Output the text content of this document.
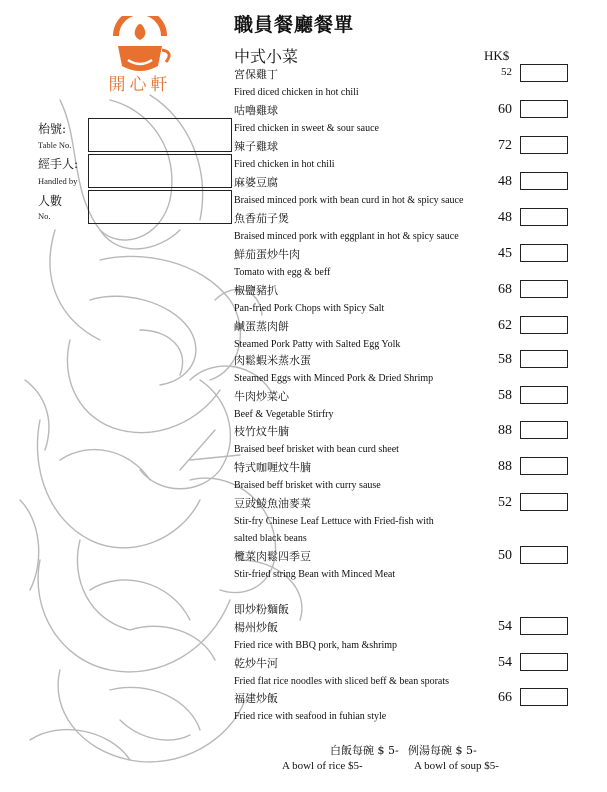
開心軒
職員餐廳餐單
中式小菜	HK$
枱號:
Table No.
經手人:
Handled by
人數
No.
宮保雞丁
Fired diced chicken in hot chili
52
咕嚕雞球
Fired chicken in sweet & sour sauce
60
辣子雞球
Fired chicken in hot chili
72
麻婆豆腐
Braised minced pork with bean curd in hot & spicy sauce
48
魚香茄子煲
Braised minced pork with eggplant in hot & spicy sauce
48
鮮茄蛋炒牛肉
Tomato with egg & beff
45
椒鹽豬扒
Pan-fried Pork Chops with Spicy Salt
68
鹹蛋蒸肉餅
Steamed Pork Patty with Salted Egg Yolk
62
肉鬆蝦米蒸水蛋
Steamed Eggs with Minced Pork & Dried Shrimp
58
牛肉炒菜心
Beef & Vegetable Stirfry
58
枝竹炆牛腩
Braised beef brisket with bean curd sheet
88
特式咖喱炆牛腩
Braised beff brisket with curry sause
88
豆豉鯪魚油麥菜
Stir-fry Chinese Leaf Lettuce with Fried-fish with
salted black beans
52
欖菜肉鬆四季豆
Stir-fried string Bean with Minced Meat
50
即炒粉麵飯
楊州炒飯
Fried rice with BBQ pork, ham &shrimp
54
乾炒牛河
Fried flat rice noodles with sliced beff & bean sporats
54
福建炒飯
Fried rice with seafood in fuhian style
66
白飯每碗 $ 5- 例湯每碗 $ 5-
A bowl of rice $5-	A bowl of soup $5-
